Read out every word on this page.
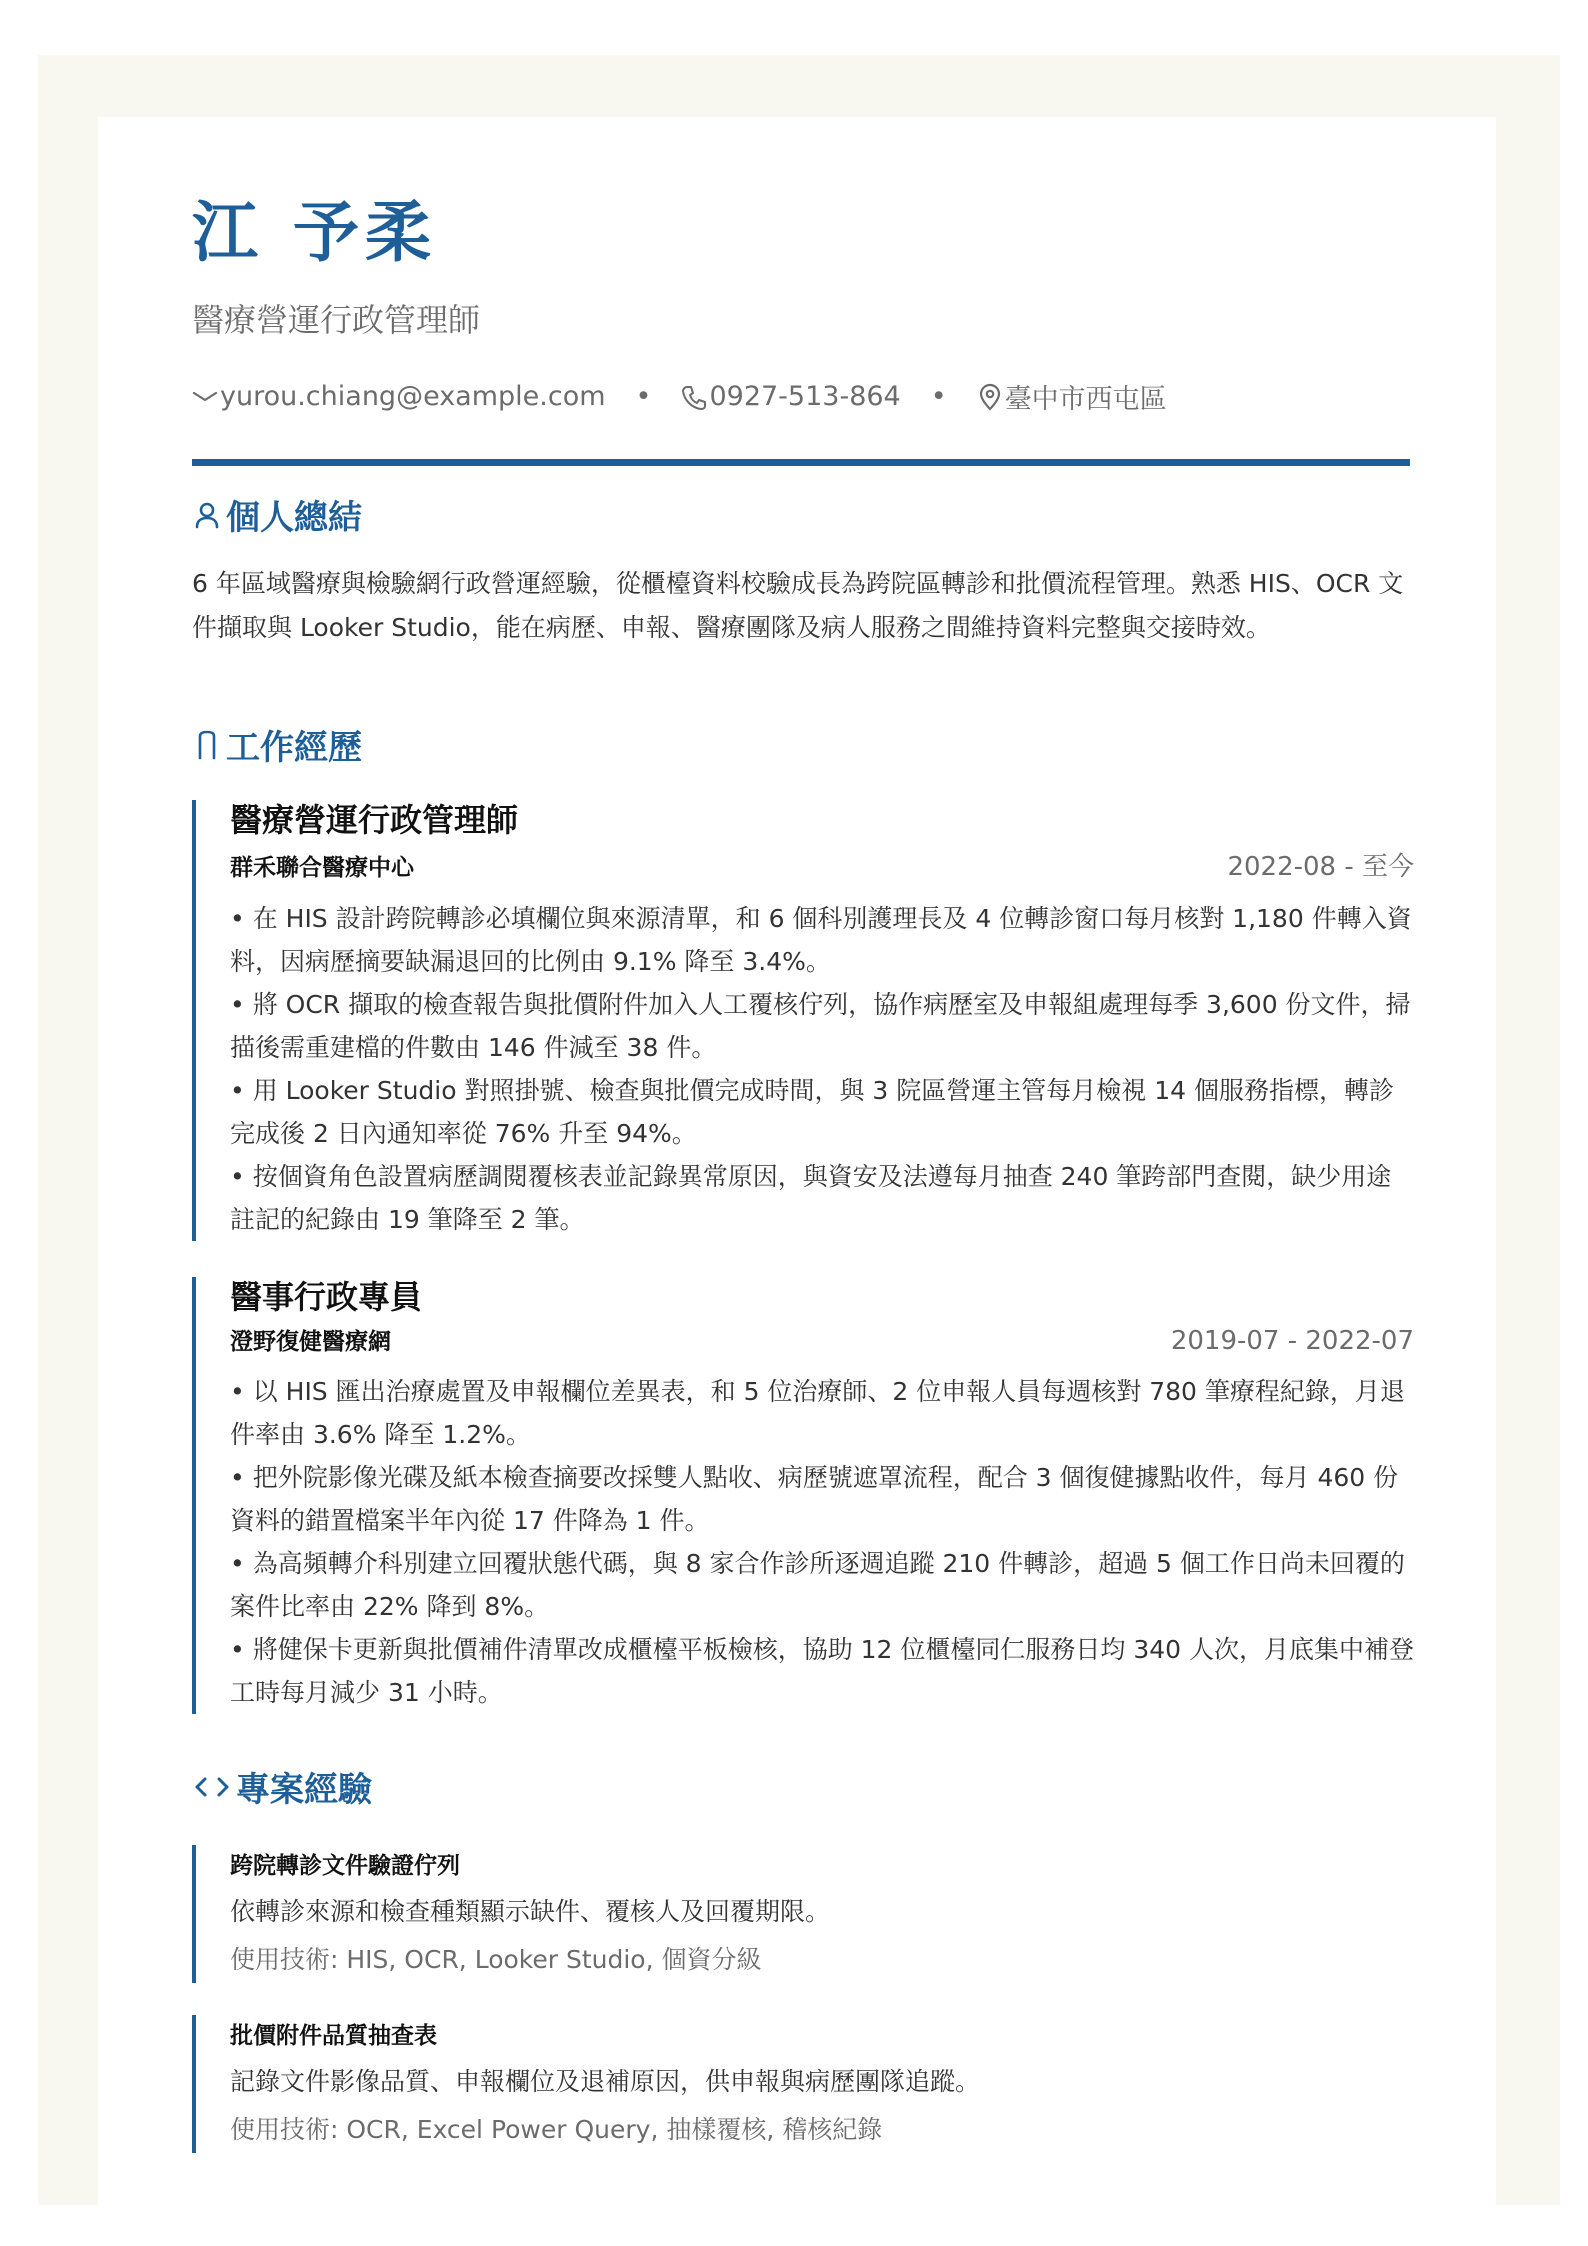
江 予柔
醫療營運行政管理師
yurou.chiang@example.com • 0927-513-864 • 臺中市西屯區
個人總結
6 年區域醫療與檢驗網行政營運經驗，從櫃檯資料校驗成長為跨院區轉診和批價流程管理。熟悉 HIS、OCR 文件擷取與 Looker Studio，能在病歷、申報、醫療團隊及病人服務之間維持資料完整與交接時效。
工作經歷
醫療營運行政管理師
群禾聯合醫療中心	2022-08 - 至今
• 在 HIS 設計跨院轉診必填欄位與來源清單，和 6 個科別護理長及 4 位轉診窗口每月核對 1,180 件轉入資料，因病歷摘要缺漏退回的比例由 9.1% 降至 3.4%。
• 將 OCR 擷取的檢查報告與批價附件加入人工覆核佇列，協作病歷室及申報組處理每季 3,600 份文件，掃描後需重建檔的件數由 146 件減至 38 件。
• 用 Looker Studio 對照掛號、檢查與批價完成時間，與 3 院區營運主管每月檢視 14 個服務指標，轉診完成後 2 日內通知率從 76% 升至 94%。
• 按個資角色設置病歷調閱覆核表並記錄異常原因，與資安及法遵每月抽查 240 筆跨部門查閱，缺少用途註記的紀錄由 19 筆降至 2 筆。
醫事行政專員
澄野復健醫療網	2019-07 - 2022-07
• 以 HIS 匯出治療處置及申報欄位差異表，和 5 位治療師、2 位申報人員每週核對 780 筆療程紀錄，月退件率由 3.6% 降至 1.2%。
• 把外院影像光碟及紙本檢查摘要改採雙人點收、病歷號遮罩流程，配合 3 個復健據點收件，每月 460 份資料的錯置檔案半年內從 17 件降為 1 件。
• 為高頻轉介科別建立回覆狀態代碼，與 8 家合作診所逐週追蹤 210 件轉診，超過 5 個工作日尚未回覆的案件比率由 22% 降到 8%。
• 將健保卡更新與批價補件清單改成櫃檯平板檢核，協助 12 位櫃檯同仁服務日均 340 人次，月底集中補登工時每月減少 31 小時。
專案經驗
跨院轉診文件驗證佇列
依轉診來源和檢查種類顯示缺件、覆核人及回覆期限。
使用技術: HIS, OCR, Looker Studio, 個資分級
批價附件品質抽查表
記錄文件影像品質、申報欄位及退補原因，供申報與病歷團隊追蹤。
使用技術: OCR, Excel Power Query, 抽樣覆核, 稽核紀錄
